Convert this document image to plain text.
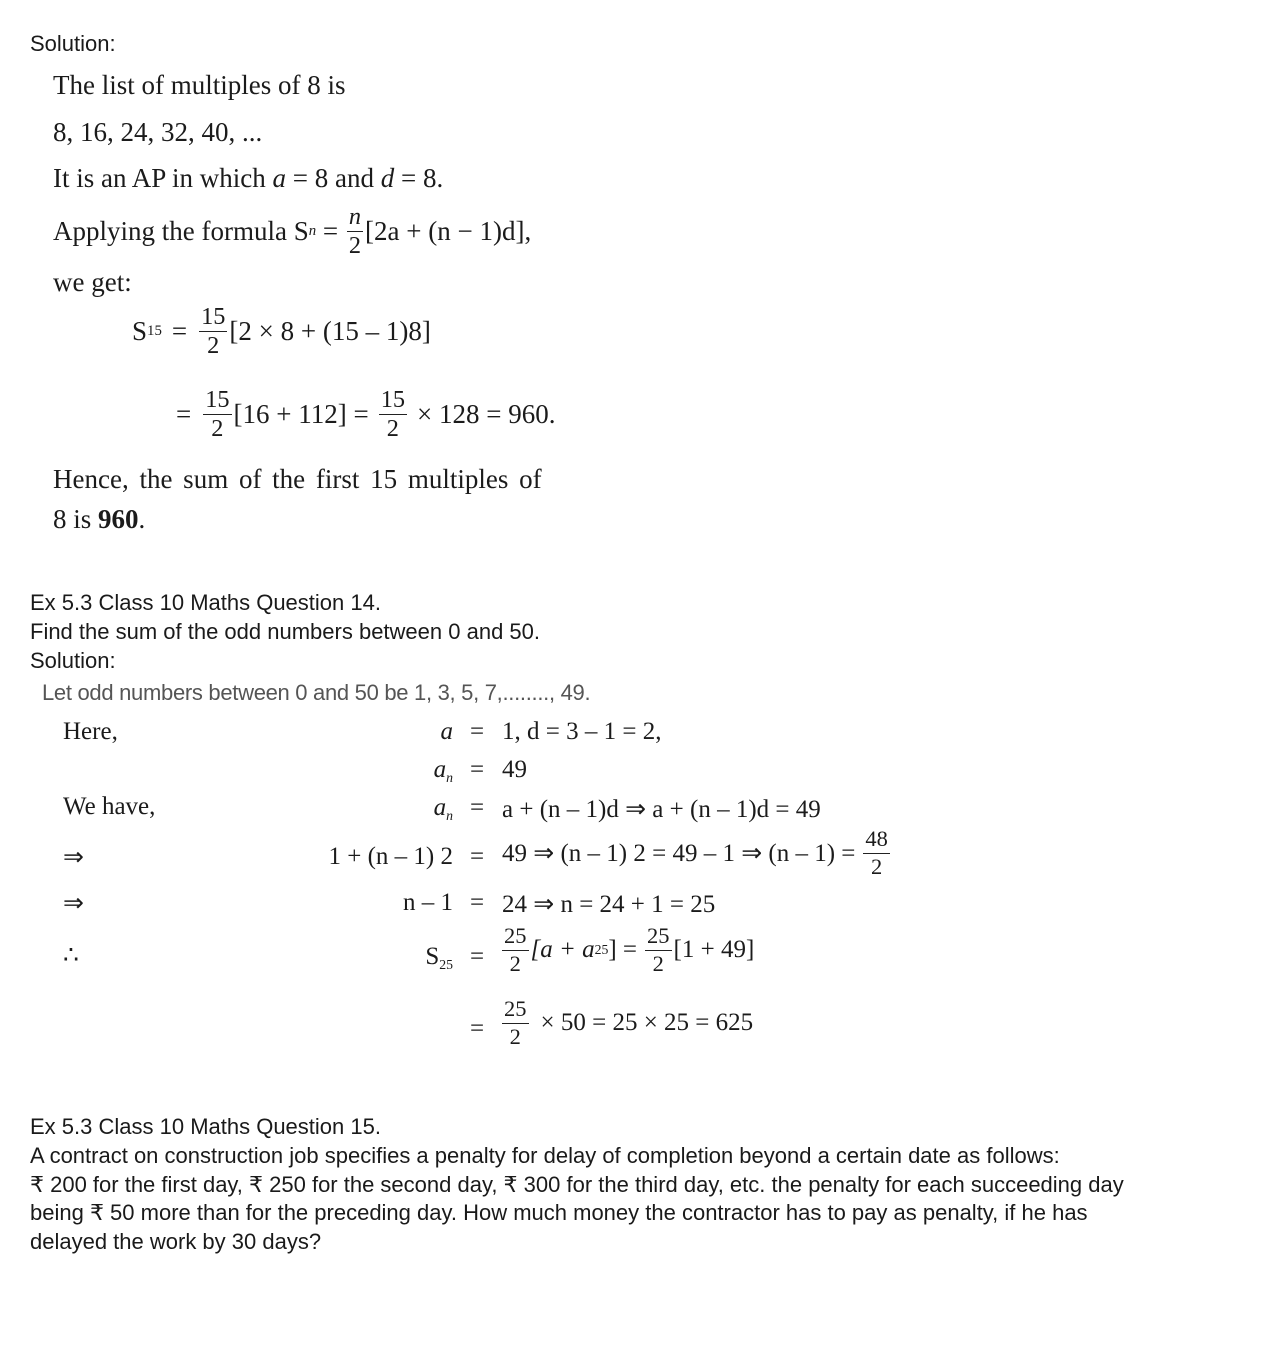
Solution:
The list of multiples of 8 is
8, 16, 24, 32, 40, ...
It is an AP in which a = 8 and d = 8.
Applying the formula S $n = \frac{n}{2} [2a + (n - 1)d]$,
we get:
S $15 = \frac{15}{2} [2 \times 8 + (15 - 1)8]$
= $\frac{15}{2} [16 + 112] = \frac{15}{2} \times 128 = 960$.
Hence, the sum of the first 15 multiples of
8 is 960.
Ex 5.3 Class 10 Maths Question 14.
Find the sum of the odd numbers between 0 and 50.
Solution:
Let odd numbers between 0 and 50 be 1, 3, 5, 7,........, 49.
Here,
We have,
⇒
⇒
∴
a = 1, d = 3 – 1 = 2,
$a_n = 49$
$a_n = a + (n - 1)d$ ⇒ a + (n – 1)d = 49
1 + (n – 1) 2 = 49 ⇒ (n – 1) 2 = 49 – 1 ⇒ $(n - 1) = \frac{48}{2}$
n – 1 = 24 ⇒ n = 24 + 1 = 25
$S_{25} = \frac{25}{2} [a + a$ 25 ] = $\frac{25}{2} [1 + 49]$
= $\frac{25}{2} \times 50 = 25 \times 25 = 625$
Ex 5.3 Class 10 Maths Question 15.
A contract on construction job specifies a penalty for delay of completion beyond a certain date as follows:
₹ 200 for the first day, ₹ 250 for the second day, ₹ 300 for the third day, etc. the penalty for each succeeding day
being ₹ 50 more than for the preceding day. How much money the contractor has to pay as penalty, if he has
delayed the work by 30 days?
